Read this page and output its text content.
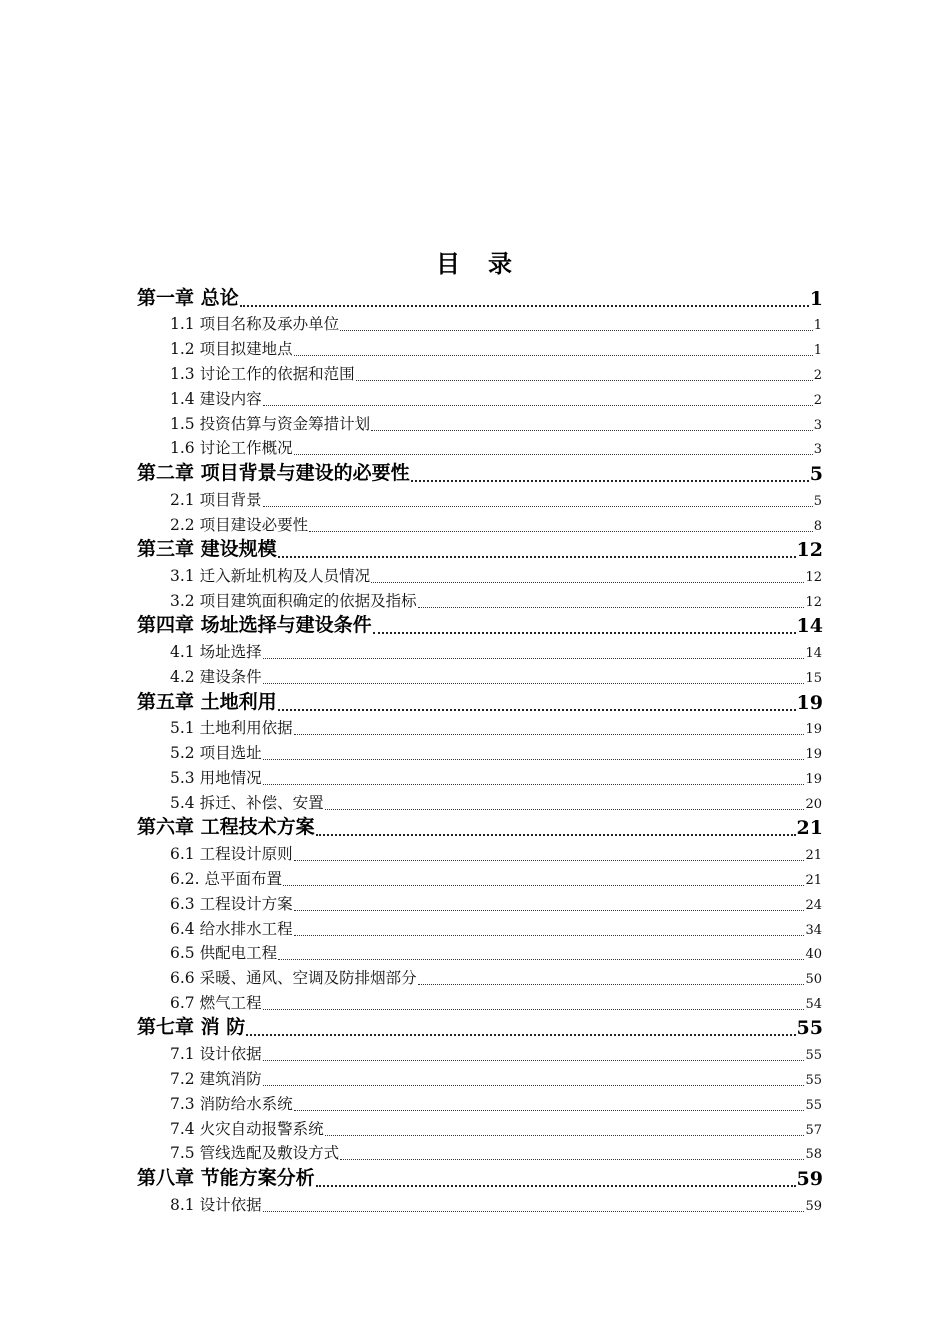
目　录
第一章 总论	1
1.1 项目名称及承办单位	1
1.2 项目拟建地点	1
1.3 讨论工作的依据和范围	2
1.4 建设内容	2
1.5 投资估算与资金筹措计划	3
1.6 讨论工作概况	3
第二章 项目背景与建设的必要性	5
2.1 项目背景	5
2.2 项目建设必要性	8
第三章 建设规模	12
3.1 迁入新址机构及人员情况	12
3.2 项目建筑面积确定的依据及指标	12
第四章 场址选择与建设条件	14
4.1 场址选择	14
4.2 建设条件	15
第五章 土地利用	19
5.1 土地利用依据	19
5.2 项目选址	19
5.3 用地情况	19
5.4 拆迁、补偿、安置	20
第六章 工程技术方案	21
6.1 工程设计原则	21
6.2. 总平面布置	21
6.3 工程设计方案	24
6.4 给水排水工程	34
6.5 供配电工程	40
6.6 采暖、通风、空调及防排烟部分	50
6.7 燃气工程	54
第七章 消 防	55
7.1 设计依据	55
7.2 建筑消防	55
7.3 消防给水系统	55
7.4 火灾自动报警系统	57
7.5 管线选配及敷设方式	58
第八章 节能方案分析	59
8.1 设计依据	59
